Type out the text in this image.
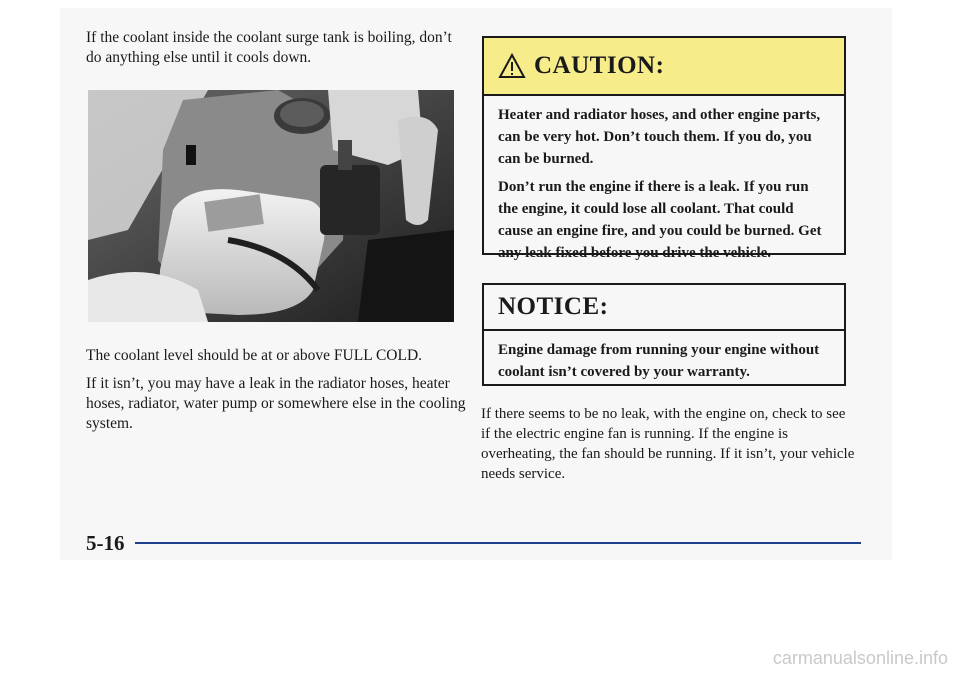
If the coolant inside the coolant surge tank is boiling, don’t do anything else until it cools down.

The coolant level should be at or above FULL COLD.

If it isn’t, you may have a leak in the radiator hoses, heater hoses, radiator, water pump or somewhere else in the cooling system.

CAUTION:

Heater and radiator hoses, and other engine parts, can be very hot. Don’t touch them. If you do, you can be burned.

Don’t run the engine if there is a leak. If you run the engine, it could lose all coolant. That could cause an engine fire, and you could be burned. Get any leak fixed before you drive the vehicle.

NOTICE:

Engine damage from running your engine without coolant isn’t covered by your warranty.

If there seems to be no leak, with the engine on, check to see if the electric engine fan is running. If the engine is overheating, the fan should be running. If it isn’t, your vehicle needs service.

5-16
carmanualsonline.info
